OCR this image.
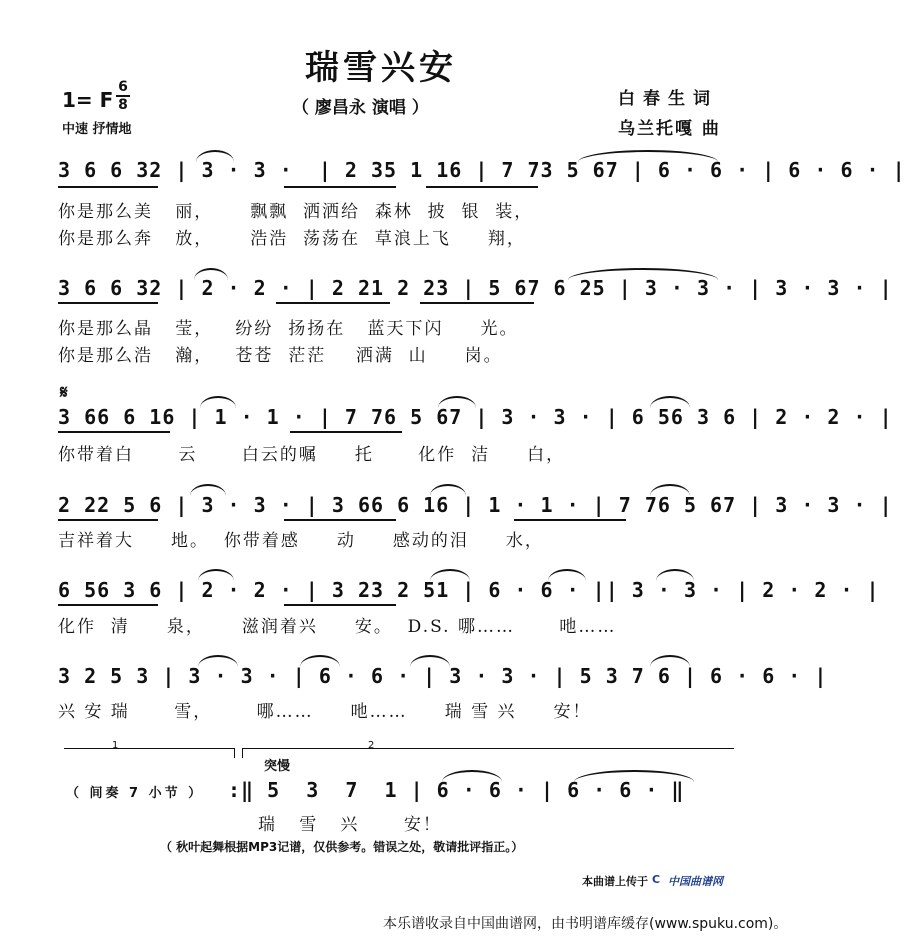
瑞雪兴安
（ 廖昌永 演唱 ）
1= F
6
8
中速 抒情地
白春生词
乌兰托嘎 曲
3 6 6 32 | 3 · 3 ·  | 2 35 1 16 | 7 73 5 67 | 6 · 6 · | 6 · 6 · |
你是那么美   丽，     飘飘  洒洒给  森林  披  银  装，
你是那么奔   放，     浩浩  荡荡在  草浪上飞     翔，
3 6 6 32 | 2 · 2 · | 2 21 2 23 | 5 67 6 25 | 3 · 3 · | 3 · 3 · |
你是那么晶   莹，   纷纷  扬扬在   蓝天下闪     光。
你是那么浩   瀚，   苍苍  茫茫    洒满  山     岗。
𝄋
3 66 6 16 | 1 · 1 · | 7 76 5 67 | 3 · 3 · | 6 56 3 6 | 2 · 2 · |
你带着白      云      白云的嘱     托      化作  洁     白，
2 22 5 6 | 3 · 3 · | 3 66 6 16 | 1 · 1 · | 7 76 5 67 | 3 · 3 · |
吉祥着大     地。  你带着感     动     感动的泪     水，
6 56 3 6 | 2 · 2 · | 3 23 2 51 | 6 · 6 · || 3 · 3 · | 2 · 2 · |
化作  清     泉，     滋润着兴     安。  D.S. 哪……      吔……
3 2 5 3 | 3 · 3 · | 6 · 6 · | 3 · 3 · | 5 3 7 6 | 6 · 6 · |
兴 安 瑞      雪，      哪……     吔……     瑞 雪 兴     安！
1	2
突慢
（ 间奏 7 小节 ） :‖ 5  3  7  1 | 6 · 6 · | 6 · 6 · ‖
瑞   雪   兴      安！
（ 秋叶起舞根据MP3记谱，仅供参考。错误之处，敬请批评指正。）
本曲谱上传于 C 中国曲谱网
本乐谱收录自中国曲谱网，由书明谱库缓存(www.spuku.com)。
